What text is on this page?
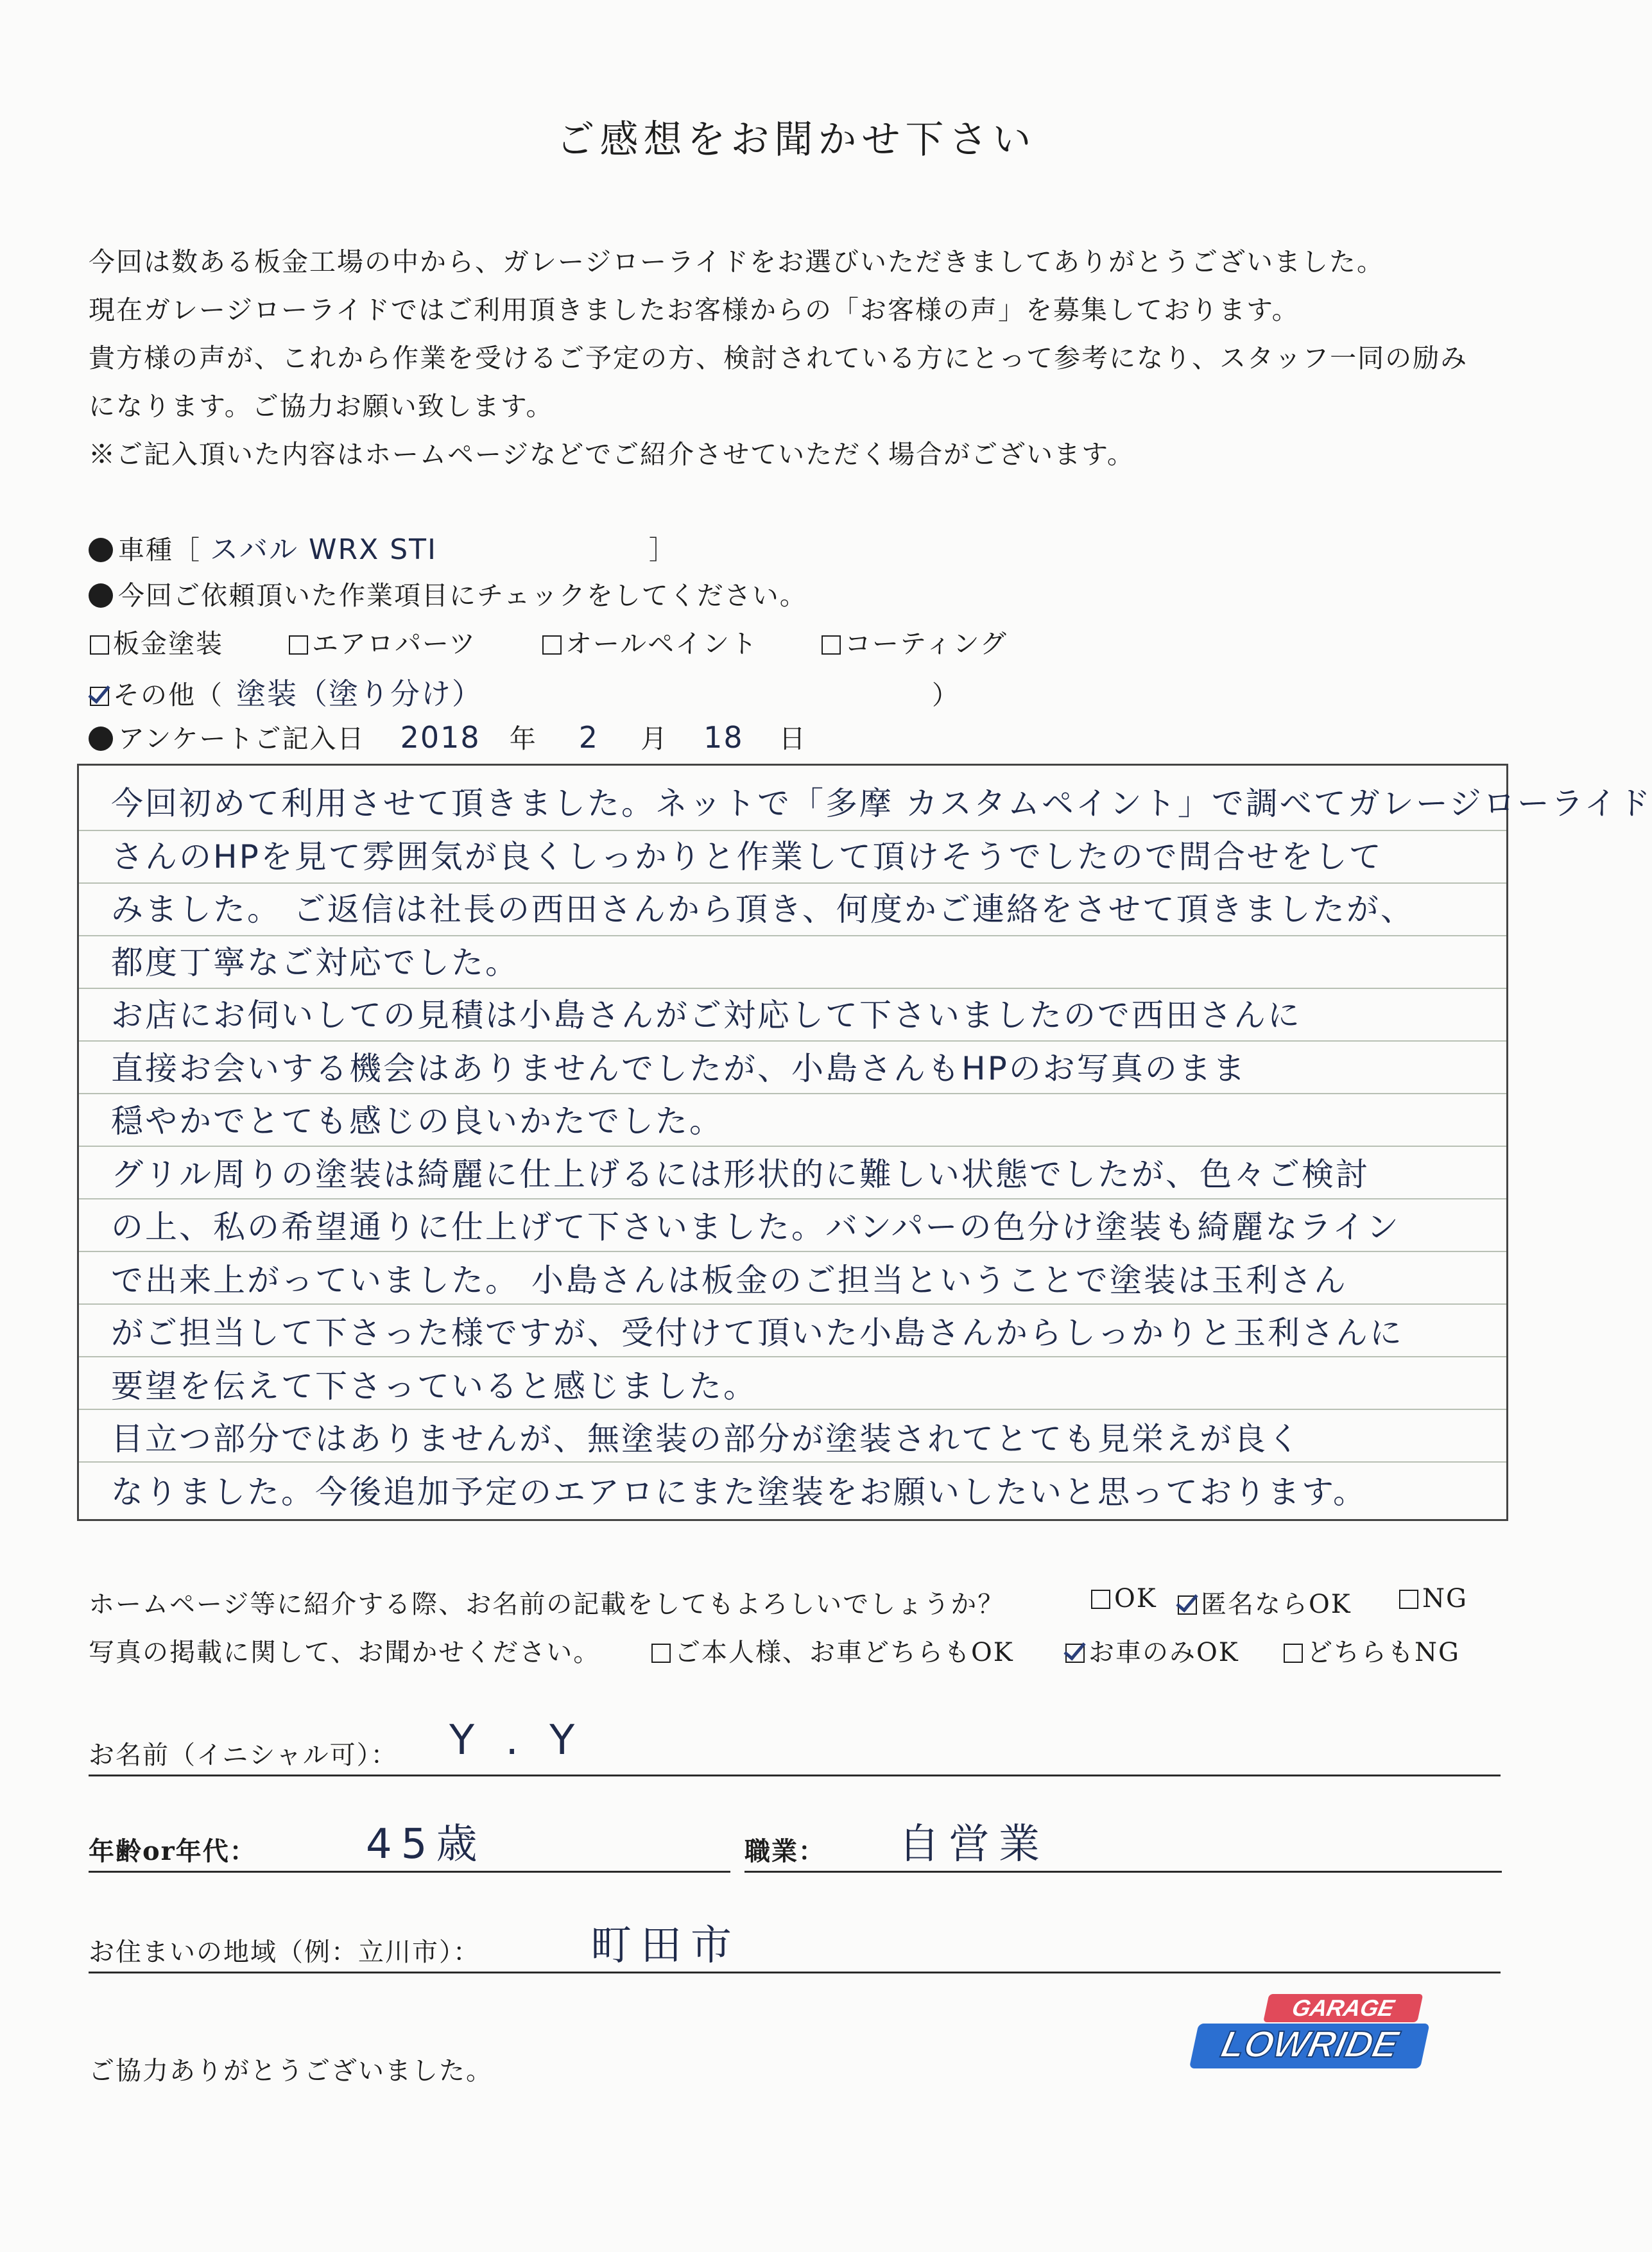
ご感想をお聞かせ下さい
今回は数ある板金工場の中から、ガレージローライドをお選びいただきましてありがとうございました。
現在ガレージローライドではご利用頂きましたお客様からの「お客様の声」を募集しております。
貴方様の声が、これから作業を受けるご予定の方、検討されている方にとって参考になり、スタッフ一同の励み
になります。ご協力お願い致します。
※ご記入頂いた内容はホームページなどでご紹介させていただく場合がございます。
車種［ スバル WRX STI	］
今回ご依頼頂いた作業項目にチェックをしてください。
板金塗装	エアロパーツ	オールペイント	コーティング
その他（ 塗装（塗り分け）	）
アンケートご記入日 2018 年 2 月 18 日
今回初めて利用させて頂きました。ネットで「多摩 カスタムペイント」で調べてガレージローライド
さんのHPを見て雰囲気が良くしっかりと作業して頂けそうでしたので問合せをして
みました。 ご返信は社長の西田さんから頂き、何度かご連絡をさせて頂きましたが、
都度丁寧なご対応でした。
お店にお伺いしての見積は小島さんがご対応して下さいましたので西田さんに
直接お会いする機会はありませんでしたが、小島さんもHPのお写真のまま
穏やかでとても感じの良いかたでした。
グリル周りの塗装は綺麗に仕上げるには形状的に難しい状態でしたが、色々ご検討
の上、私の希望通りに仕上げて下さいました。バンパーの色分け塗装も綺麗なライン
で出来上がっていました。 小島さんは板金のご担当ということで塗装は玉利さん
がご担当して下さった様ですが、受付けて頂いた小島さんからしっかりと玉利さんに
要望を伝えて下さっていると感じました。
目立つ部分ではありませんが、無塗装の部分が塗装されてとても見栄えが良く
なりました。今後追加予定のエアロにまた塗装をお願いしたいと思っております。
ホームページ等に紹介する際、お名前の記載をしてもよろしいでしょうか？	OK	匿名ならOK	NG
写真の掲載に関して、お聞かせください。	ご本人様、お車どちらもOK	お車のみOK	どちらもNG
お名前（イニシャル可）： Y . Y
年齢or年代：	45歳	職業： 自営業
お住まいの地域（例：立川市）：	町田市
GARAGE
LOWRIDE
ご協力ありがとうございました。
